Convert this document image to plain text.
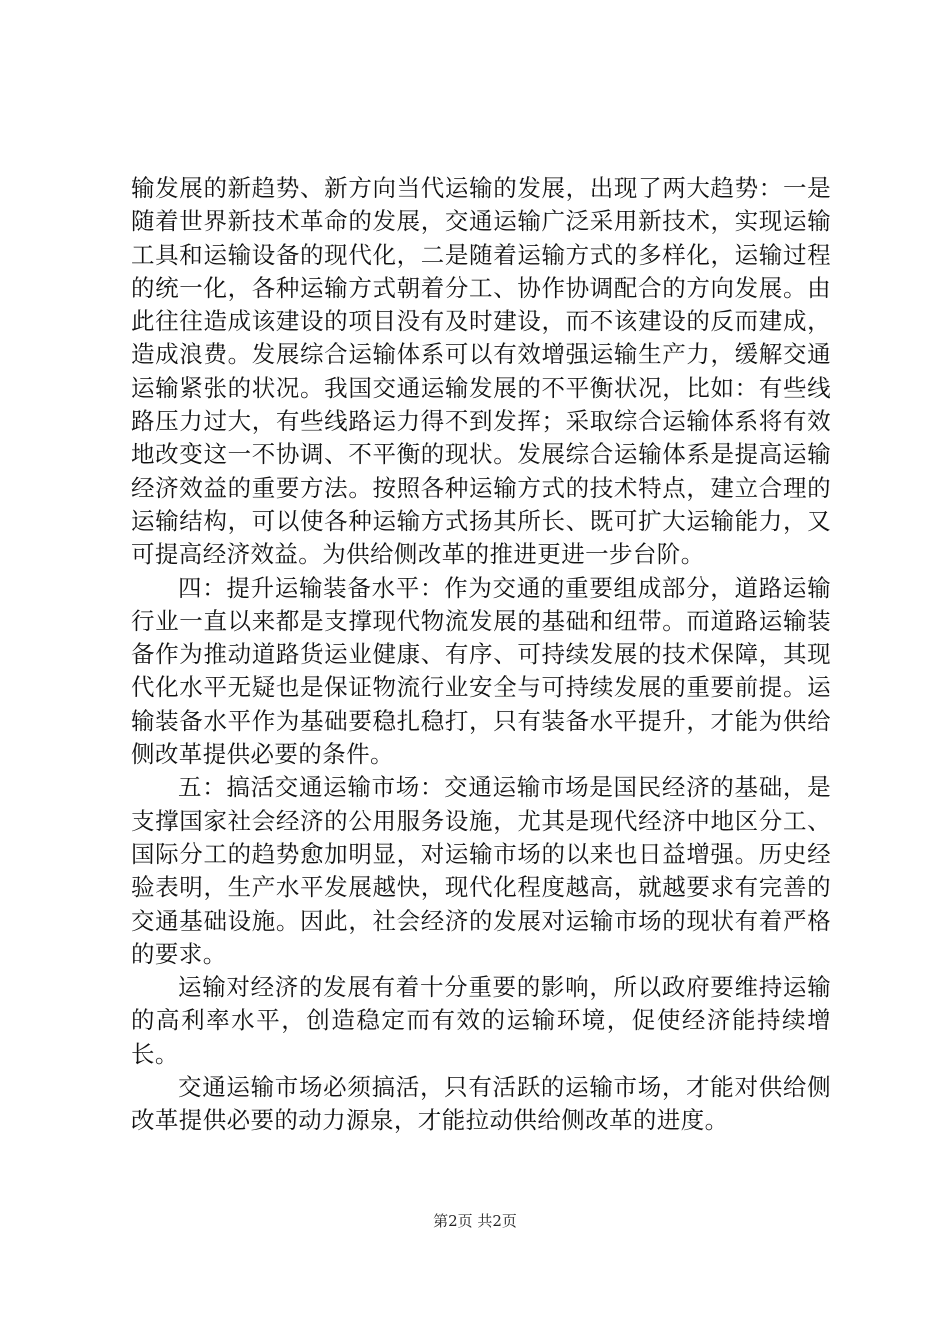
输发展的新趋势、新方向当代运输的发展，出现了两大趋势：一是随着世界新技术革命的发展，交通运输广泛采用新技术，实现运输工具和运输设备的现代化，二是随着运输方式的多样化，运输过程的统一化，各种运输方式朝着分工、协作协调配合的方向发展。由此往往造成该建设的项目没有及时建设，而不该建设的反而建成，造成浪费。发展综合运输体系可以有效增强运输生产力，缓解交通运输紧张的状况。我国交通运输发展的不平衡状况，比如：有些线路压力过大，有些线路运力得不到发挥；采取综合运输体系将有效地改变这一不协调、不平衡的现状。发展综合运输体系是提高运输经济效益的重要方法。按照各种运输方式的技术特点，建立合理的运输结构，可以使各种运输方式扬其所长、既可扩大运输能力，又可提高经济效益。为供给侧改革的推进更进一步台阶。

四：提升运输装备水平：作为交通的重要组成部分，道路运输行业一直以来都是支撑现代物流发展的基础和纽带。而道路运输装备作为推动道路货运业健康、有序、可持续发展的技术保障，其现代化水平无疑也是保证物流行业安全与可持续发展的重要前提。运输装备水平作为基础要稳扎稳打，只有装备水平提升，才能为供给侧改革提供必要的条件。

五：搞活交通运输市场：交通运输市场是国民经济的基础，是支撑国家社会经济的公用服务设施，尤其是现代经济中地区分工、国际分工的趋势愈加明显，对运输市场的以来也日益增强。历史经验表明，生产水平发展越快，现代化程度越高，就越要求有完善的交通基础设施。因此，社会经济的发展对运输市场的现状有着严格的要求。

运输对经济的发展有着十分重要的影响，所以政府要维持运输的高利率水平，创造稳定而有效的运输环境，促使经济能持续增长。

交通运输市场必须搞活，只有活跃的运输市场，才能对供给侧改革提供必要的动力源泉，才能拉动供给侧改革的进度。

第2页 共2页
